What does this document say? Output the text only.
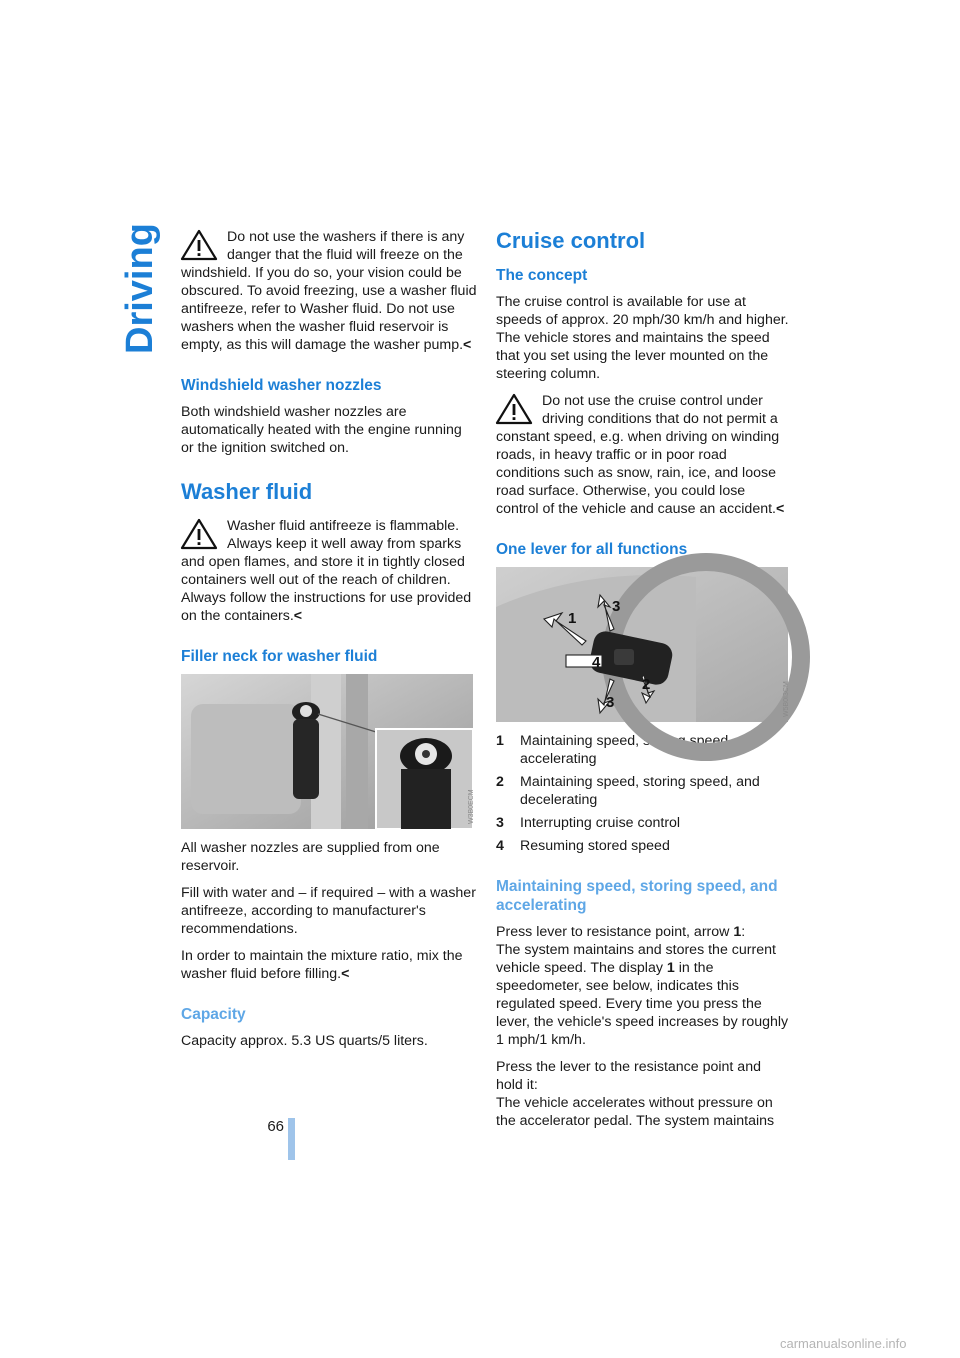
Driving	Do not use the washers if there is any danger that the fluid will freeze on the windshield. If you do so, your vision could be obscured. To avoid freezing, use a washer fluid antifreeze, refer to Washer fluid. Do not use washers when the washer fluid reservoir is empty, as this will damage the washer pump.<
Windshield washer nozzles

Both windshield washer nozzles are automatically heated with the engine running or the ignition switched on.

Washer fluid
Washer fluid antifreeze is flammable. Always keep it well away from sparks and open flames, and store it in tightly closed containers well out of the reach of children. Always follow the instructions for use provided on the containers.<
Filler neck for washer fluid
W3B0ECM

All washer nozzles are supplied from one reservoir.

Fill with water and – if required – with a washer antifreeze, according to manufacturer's recommendations.

In order to maintain the mixture ratio, mix the washer fluid before filling.<

Capacity

Capacity approx. 5.3 US quarts/5 liters.

Cruise control
The concept

The cruise control is available for use at speeds of approx. 20 mph/30 km/h and higher. The vehicle stores and maintains the speed that you set using the lever mounted on the steering column.

Do not use the cruise control under driving conditions that do not permit a constant speed, e.g. when driving on winding roads, in heavy traffic or in poor road conditions such as snow, rain, ice, and loose road surface. Otherwise, you could lose control of the vehicle and cause an accident.<
One lever for all functions
1
2
3
3
4
W5B0I3CM
1	Maintaining speed, storing speed, and accelerating
2	Maintaining speed, storing speed, and decelerating
3	Interrupting cruise control
4	Resuming stored speed
Maintaining speed, storing speed, and accelerating

Press lever to resistance point, arrow 1:
The system maintains and stores the current vehicle speed. The display 1 in the speedometer, see below, indicates this regulated speed. Every time you press the lever, the vehicle's speed increases by roughly 1 mph/1 km/h.

Press the lever to the resistance point and hold it:
The vehicle accelerates without pressure on the accelerator pedal. The system maintains

66
carmanualsonline.info
